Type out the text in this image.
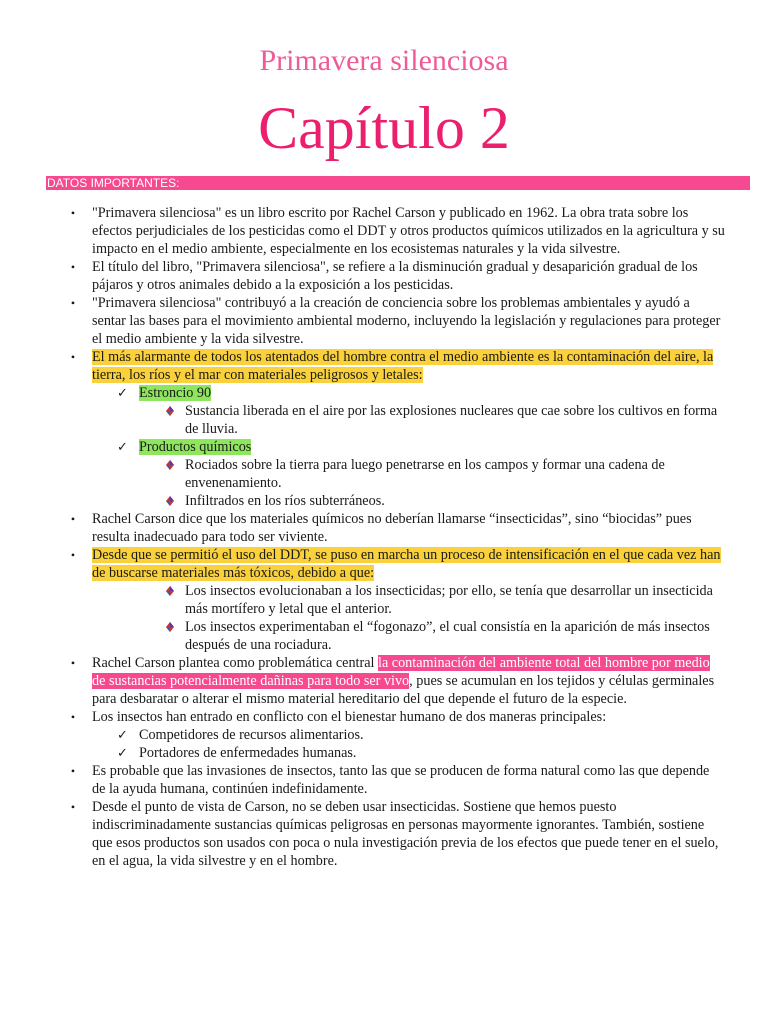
Primavera silenciosa
Capítulo 2
DATOS IMPORTANTES:
• "Primavera silenciosa" es un libro escrito por Rachel Carson y publicado en 1962. La obra trata sobre los efectos perjudiciales de los pesticidas como el DDT y otros productos químicos utilizados en la agricultura y su impacto en el medio ambiente, especialmente en los ecosistemas naturales y la vida silvestre.
• El título del libro, "Primavera silenciosa", se refiere a la disminución gradual y desaparición gradual de los pájaros y otros animales debido a la exposición a los pesticidas.
• "Primavera silenciosa" contribuyó a la creación de conciencia sobre los problemas ambientales y ayudó a sentar las bases para el movimiento ambiental moderno, incluyendo la legislación y regulaciones para proteger el medio ambiente y la vida silvestre.
• El más alarmante de todos los atentados del hombre contra el medio ambiente es la contaminación del aire, la tierra, los ríos y el mar con materiales peligrosos y letales:
✓ Estroncio 90
Sustancia liberada en el aire por las explosiones nucleares que cae sobre los cultivos en forma de lluvia.
✓ Productos químicos
Rociados sobre la tierra para luego penetrarse en los campos y formar una cadena de envenenamiento.
Infiltrados en los ríos subterráneos.
• Rachel Carson dice que los materiales químicos no deberían llamarse “insecticidas”, sino “biocidas” pues resulta inadecuado para todo ser viviente.
• Desde que se permitió el uso del DDT, se puso en marcha un proceso de intensificación en el que cada vez han de buscarse materiales más tóxicos, debido a que:
Los insectos evolucionaban a los insecticidas; por ello, se tenía que desarrollar un insecticida más mortífero y letal que el anterior.
Los insectos experimentaban el “fogonazo”, el cual consistía en la aparición de más insectos después de una rociadura.
• Rachel Carson plantea como problemática central la contaminación del ambiente total del hombre por medio de sustancias potencialmente dañinas para todo ser vivo, pues se acumulan en los tejidos y células germinales para desbaratar o alterar el mismo material hereditario del que depende el futuro de la especie.
• Los insectos han entrado en conflicto con el bienestar humano de dos maneras principales:
✓ Competidores de recursos alimentarios.
✓ Portadores de enfermedades humanas.
• Es probable que las invasiones de insectos, tanto las que se producen de forma natural como las que depende de la ayuda humana, continúen indefinidamente.
• Desde el punto de vista de Carson, no se deben usar insecticidas. Sostiene que hemos puesto indiscriminadamente sustancias químicas peligrosas en personas mayormente ignorantes. También, sostiene que esos productos son usados con poca o nula investigación previa de los efectos que puede tener en el suelo, en el agua, la vida silvestre y en el hombre.
